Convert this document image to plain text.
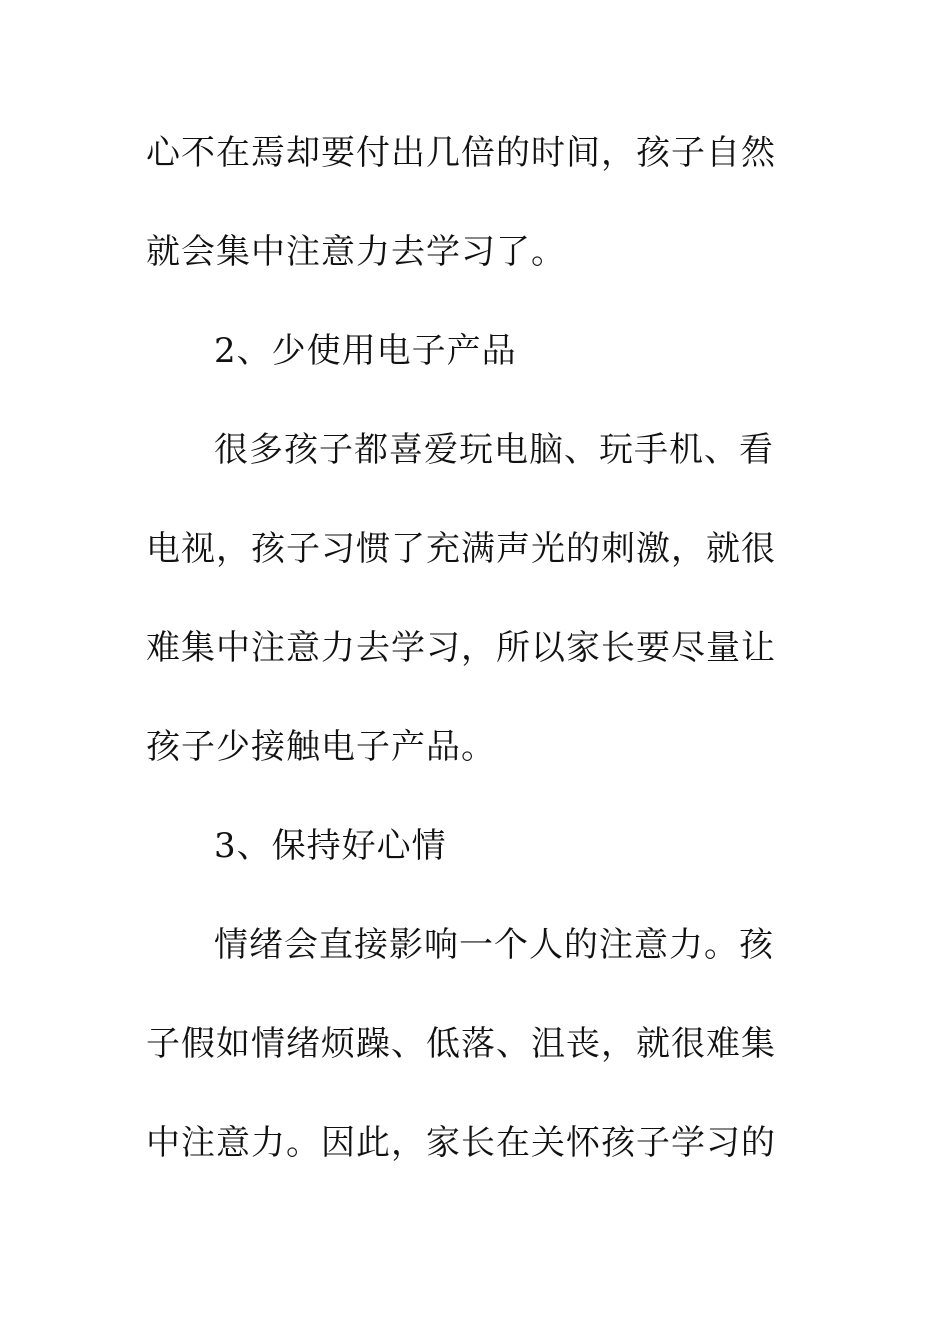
心不在焉却要付出几倍的时间，孩子自然
就会集中注意力去学习了。
2、少使用电子产品
很多孩子都喜爱玩电脑、玩手机、看
电视，孩子习惯了充满声光的刺激，就很
难集中注意力去学习，所以家长要尽量让
孩子少接触电子产品。
3、保持好心情
情绪会直接影响一个人的注意力。孩
子假如情绪烦躁、低落、沮丧，就很难集
中注意力。因此，家长在关怀孩子学习的
